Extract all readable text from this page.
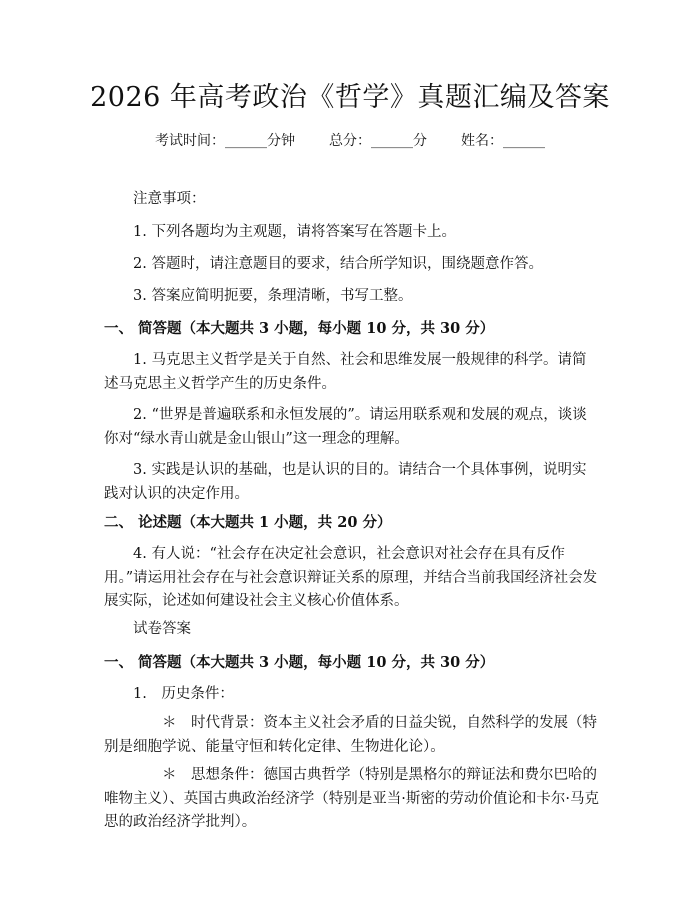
2026 年高考政治《哲学》真题汇编及答案
考试时间：______分钟 总分：______分 姓名：______
注意事项：
1. 下列各题均为主观题，请将答案写在答题卡上。
2. 答题时，请注意题目的要求，结合所学知识，围绕题意作答。
3. 答案应简明扼要，条理清晰，书写工整。
一、 简答题（本大题共 3 小题，每小题 10 分，共 30 分）
1. 马克思主义哲学是关于自然、社会和思维发展一般规律的科学。请简述马克思主义哲学产生的历史条件。
2. “世界是普遍联系和永恒发展的”。请运用联系观和发展的观点，谈谈你对“绿水青山就是金山银山”这一理念的理解。
3. 实践是认识的基础，也是认识的目的。请结合一个具体事例，说明实践对认识的决定作用。
二、 论述题（本大题共 1 小题，共 20 分）
4. 有人说：“社会存在决定社会意识，社会意识对社会存在具有反作用。”请运用社会存在与社会意识辩证关系的原理，并结合当前我国经济社会发展实际，论述如何建设社会主义核心价值体系。
试卷答案
一、 简答题（本大题共 3 小题，每小题 10 分，共 30 分）
1.　历史条件：
＊　时代背景：资本主义社会矛盾的日益尖锐，自然科学的发展（特别是细胞学说、能量守恒和转化定律、生物进化论）。
＊　思想条件：德国古典哲学（特别是黑格尔的辩证法和费尔巴哈的唯物主义）、英国古典政治经济学（特别是亚当·斯密的劳动价值论和卡尔·马克思的政治经济学批判）。
